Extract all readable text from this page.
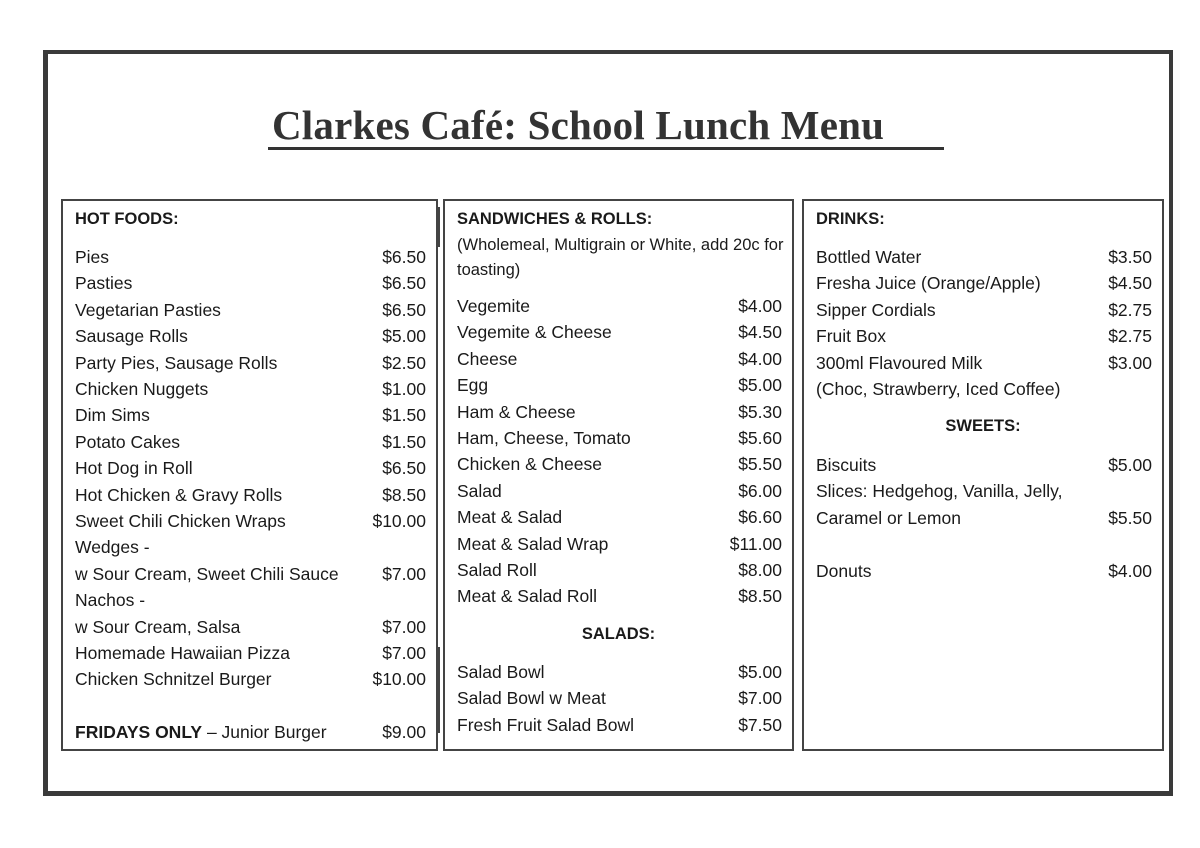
Clarkes Café: School Lunch Menu
HOT FOODS:
Pies	$6.50
Pasties	$6.50
Vegetarian Pasties	$6.50
Sausage Rolls	$5.00
Party Pies, Sausage Rolls	$2.50
Chicken Nuggets	$1.00
Dim Sims	$1.50
Potato Cakes	$1.50
Hot Dog in Roll	$6.50
Hot Chicken & Gravy Rolls	$8.50
Sweet Chili Chicken Wraps	$10.00
Wedges -
w Sour Cream, Sweet Chili Sauce $7.00
Nachos -
w Sour Cream, Salsa	$7.00
Homemade Hawaiian Pizza	$7.00
Chicken Schnitzel Burger	$10.00
FRIDAYS ONLY – Junior Burger	$9.00
SANDWICHES & ROLLS:
(Wholemeal, Multigrain or White, add 20c for toasting)
Vegemite	$4.00
Vegemite & Cheese	$4.50
Cheese	$4.00
Egg	$5.00
Ham & Cheese	$5.30
Ham, Cheese, Tomato	$5.60
Chicken & Cheese	$5.50
Salad	$6.00
Meat & Salad	$6.60
Meat & Salad Wrap	$11.00
Salad Roll	$8.00
Meat & Salad Roll	$8.50
SALADS:
Salad Bowl	$5.00
Salad Bowl w Meat	$7.00
Fresh Fruit Salad Bowl	$7.50
DRINKS:
Bottled Water	$3.50
Fresha Juice (Orange/Apple)	$4.50
Sipper Cordials	$2.75
Fruit Box	$2.75
300ml Flavoured Milk	$3.00
(Choc, Strawberry, Iced Coffee)
SWEETS:
Biscuits	$5.00
Slices: Hedgehog, Vanilla, Jelly,
Caramel or Lemon	$5.50
Donuts	$4.00
